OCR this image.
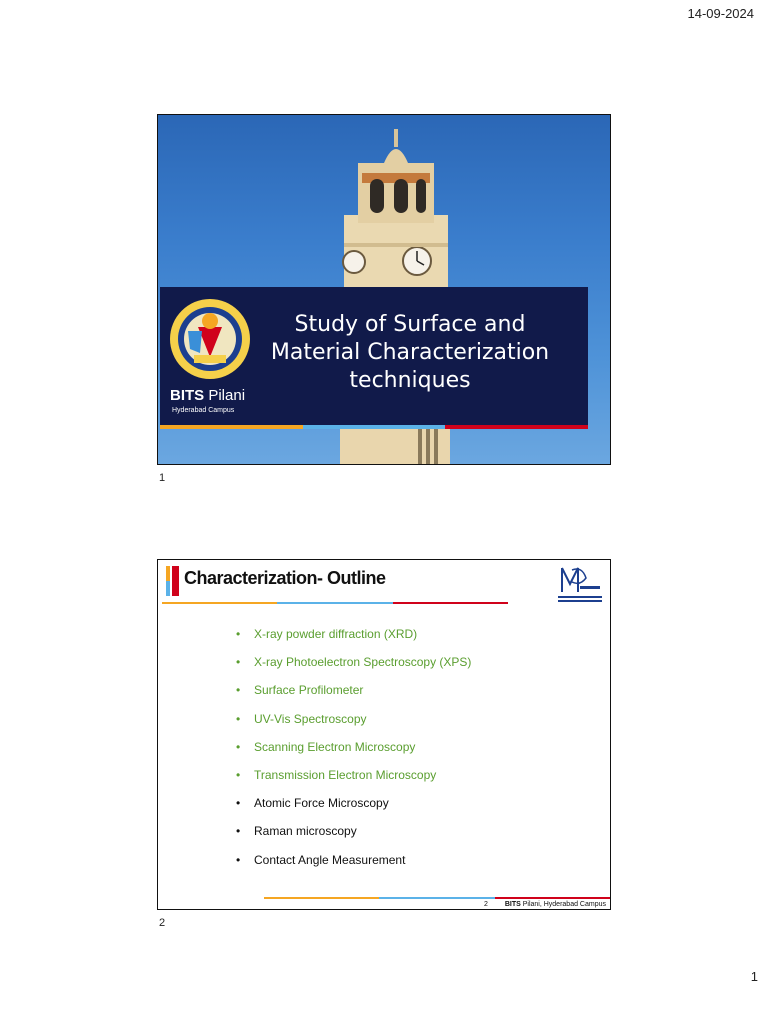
14-09-2024
Study of Surface and
Material Characterization
techniques
BITS Pilani
Hyderabad Campus
1
Characterization- Outline
• X-ray powder diffraction (XRD)
• X-ray Photoelectron Spectroscopy (XPS)
• Surface Profilometer
• UV-Vis Spectroscopy
• Scanning Electron Microscopy
• Transmission Electron Microscopy
• Atomic Force Microscopy
• Raman microscopy
• Contact Angle Measurement
2 BITS Pilani, Hyderabad Campus
2
1
